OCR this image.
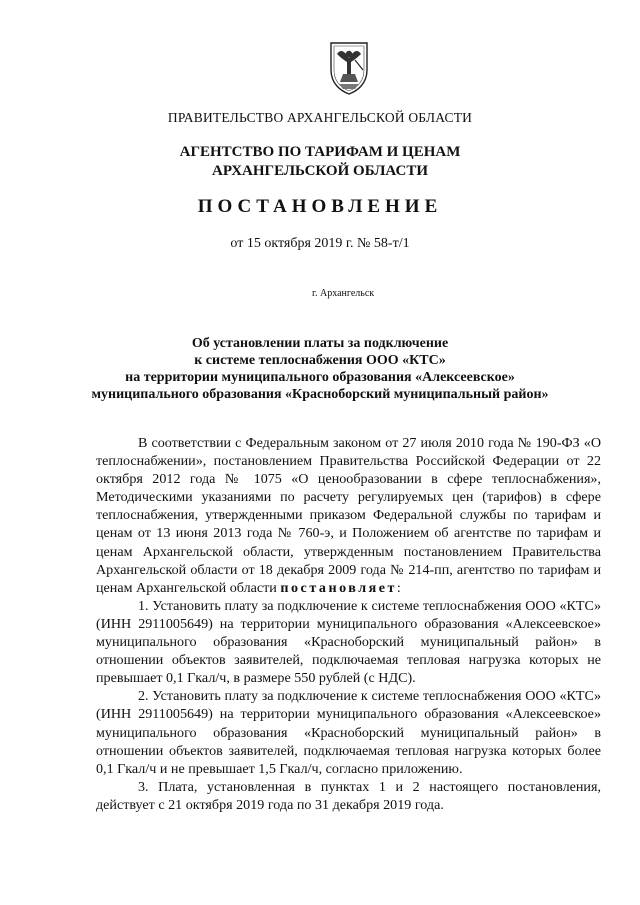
ПРАВИТЕЛЬСТВО АРХАНГЕЛЬСКОЙ ОБЛАСТИ
АГЕНТСТВО ПО ТАРИФАМ И ЦЕНАМ
АРХАНГЕЛЬСКОЙ ОБЛАСТИ
ПОСТАНОВЛЕНИЕ
от 15 октября 2019 г. № 58-т/1
г. Архангельск
Об установлении платы за подключение
к системе теплоснабжения ООО «КТС»
на территории муниципального образования «Алексеевское»
муниципального образования «Красноборский муниципальный район»

В соответствии с Федеральным законом от 27 июля 2010 года № 190-ФЗ «О теплоснабжении», постановлением Правительства Российской Федерации от 22 октября 2012 года № 1075 «О ценообразовании в сфере теплоснабжения», Методическими указаниями по расчету регулируемых цен (тарифов) в сфере теплоснабжения, утвержденными приказом Федеральной службы по тарифам и ценам от 13 июня 2013 года № 760-э, и Положением об агентстве по тарифам и ценам Архангельской области, утвержденным постановлением Правительства Архангельской области от 18 декабря 2009 года № 214-пп, агентство по тарифам и ценам Архангельской области постановляет:

1. Установить плату за подключение к системе теплоснабжения ООО «КТС» (ИНН 2911005649) на территории муниципального образования «Алексеевское» муниципального образования «Красноборский муниципальный район» в отношении объектов заявителей, подключаемая тепловая нагрузка которых не превышает 0,1 Гкал/ч, в размере 550 рублей (с НДС).

2. Установить плату за подключение к системе теплоснабжения ООО «КТС» (ИНН 2911005649) на территории муниципального образования «Алексеевское» муниципального образования «Красноборский муниципальный район» в отношении объектов заявителей, подключаемая тепловая нагрузка которых более 0,1 Гкал/ч и не превышает 1,5 Гкал/ч, согласно приложению.

3. Плата, установленная в пунктах 1 и 2 настоящего постановления, действует с 21 октября 2019 года по 31 декабря 2019 года.
